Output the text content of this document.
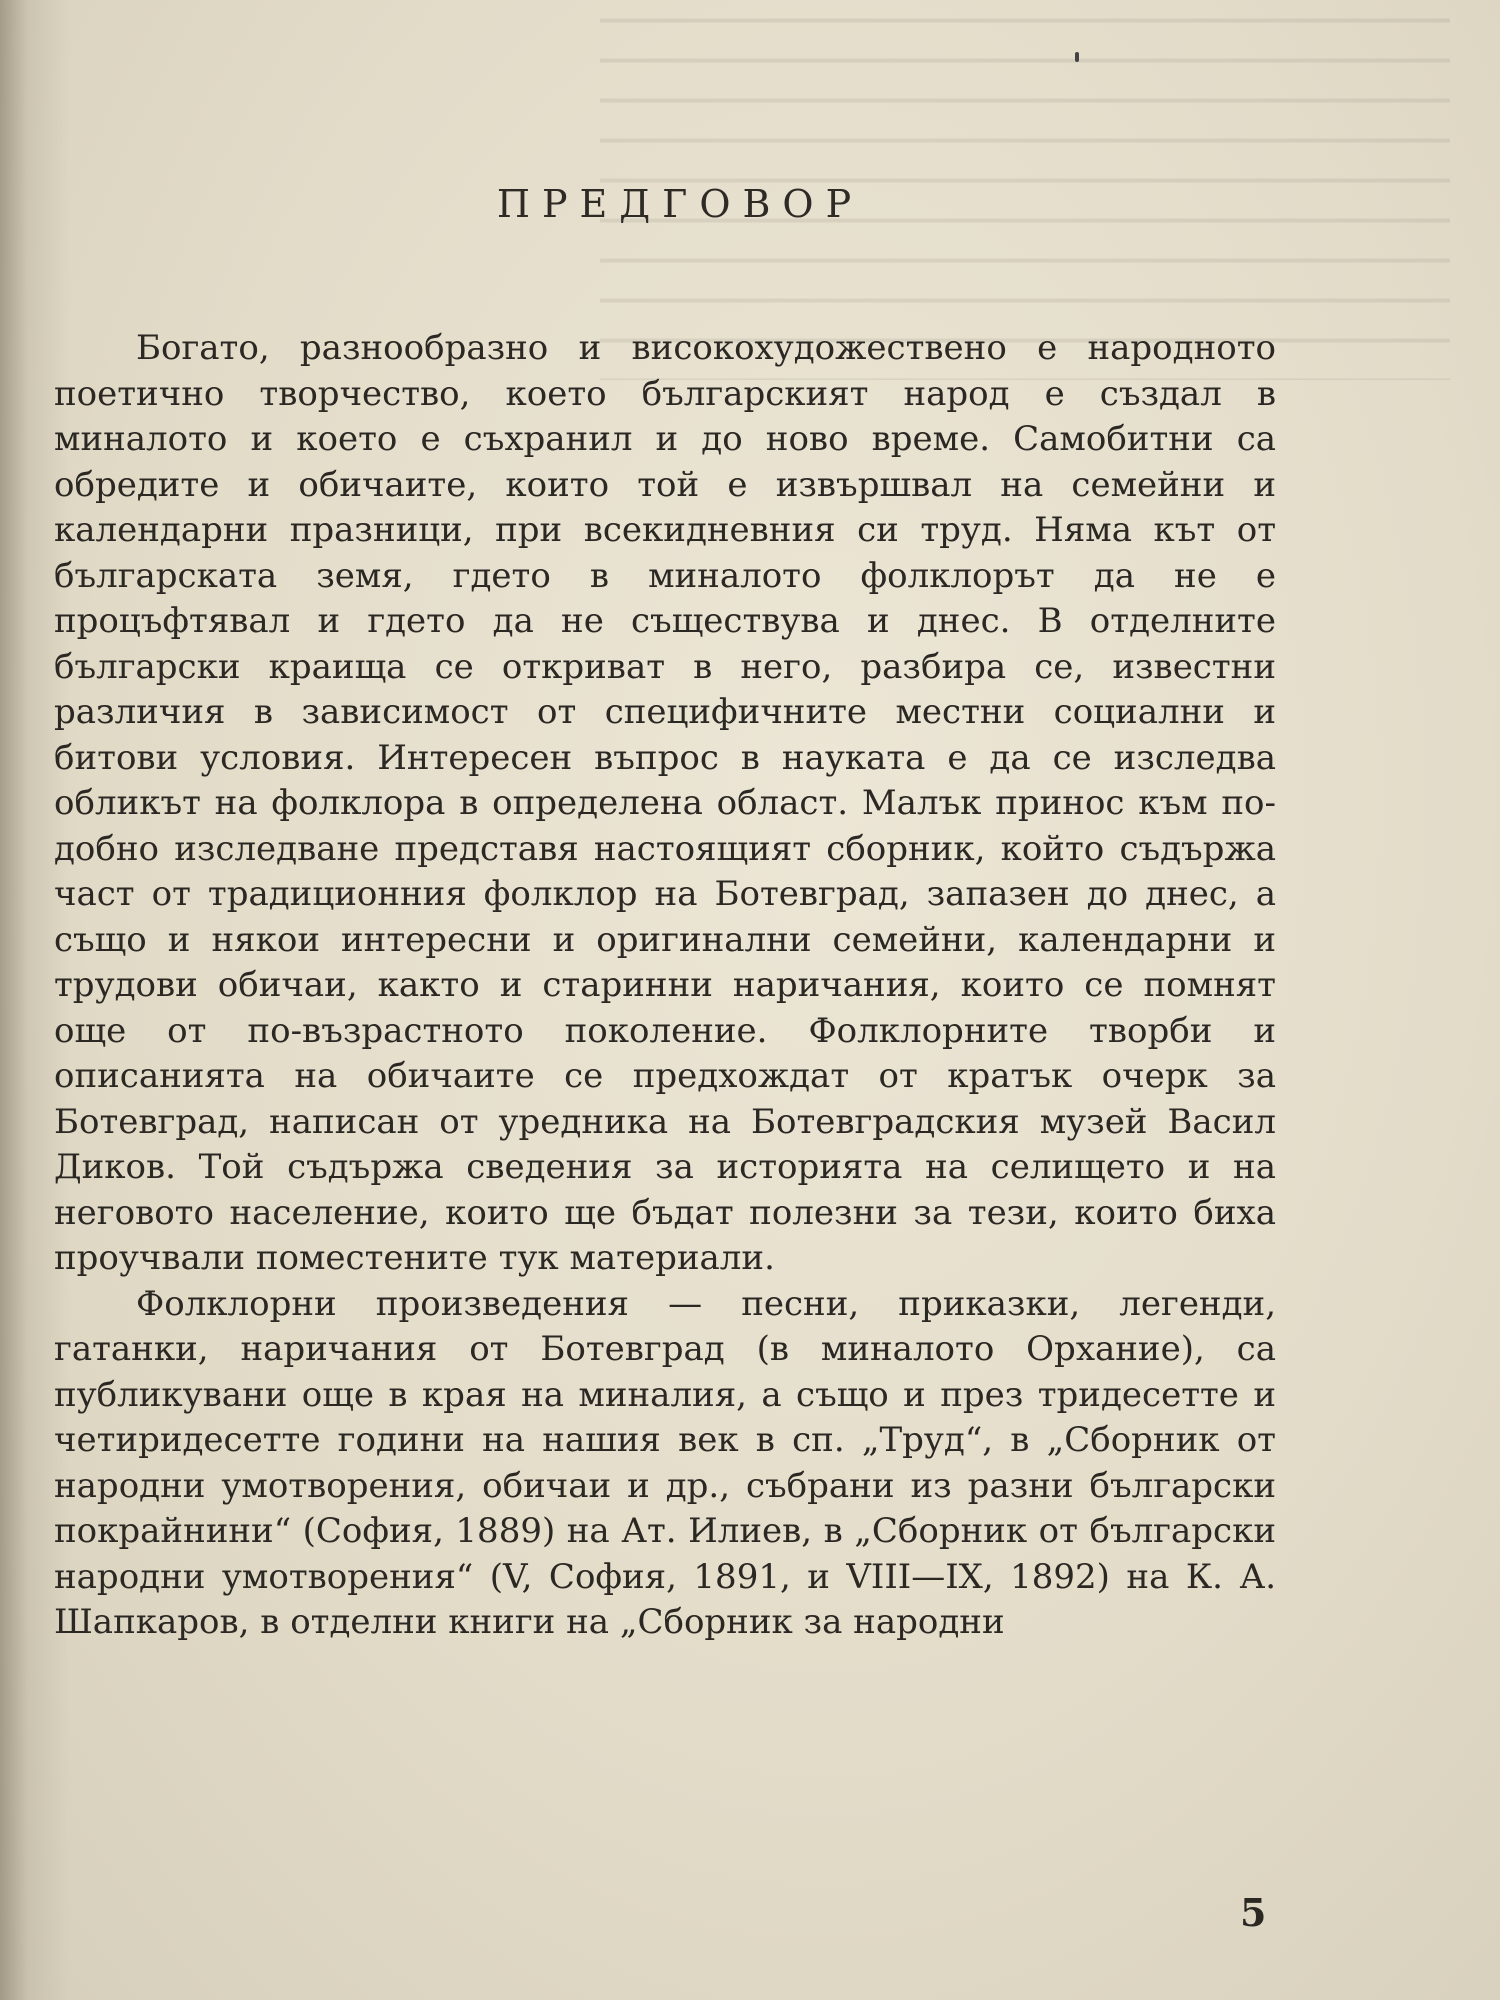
ПРЕДГОВОР

Богато, разнообразно и високохудожествено е народното поетично творчество, което българският народ е създал в миналото и което е съхранил и до ново време. Самобитни са обредите и обичаите, които той е извършвал на семейни и календарни празници, при всекидневния си труд. Няма кът от българската земя, гдето в миналото фолклорът да не е процъфтявал и гдето да не съществува и днес. В отделните български краища се откриват в него, разбира се, известни различия в зависимост от специфичните местни социални и битови условия. Интересен въпрос в науката е да се изследва обликът на фолклора в определена област. Малък принос към подобно изследване представя настоящият сборник, който съдържа част от традиционния фолклор на Ботевград, запазен до днес, а също и някои интересни и оригинални семейни, календарни и трудови обичаи, както и старинни наричания, които се помнят още от по-възрастното поколение. Фолклорните творби и описанията на обичаите се предхождат от кратък очерк за Ботевград, написан от уредника на Ботевградския музей Васил Диков. Той съдържа сведения за историята на селището и на неговото население, които ще бъдат полезни за тези, които биха проучвали поместените тук материали.

Фолклорни произведения — песни, приказки, легенди, гатанки, наричания от Ботевград (в миналото Орхание), са публикувани още в края на миналия, а също и през тридесетте и четиридесетте години на нашия век в сп. „Труд“, в „Сборник от народни умотворения, обичаи и др., събрани из разни български покрайнини“ (София, 1889) на Ат. Илиев, в „Сборник от български народни умотворения“ (V, София, 1891, и VIII—IX, 1892) на К. А. Шапкаров, в отделни книги на „Сборник за народни

5
